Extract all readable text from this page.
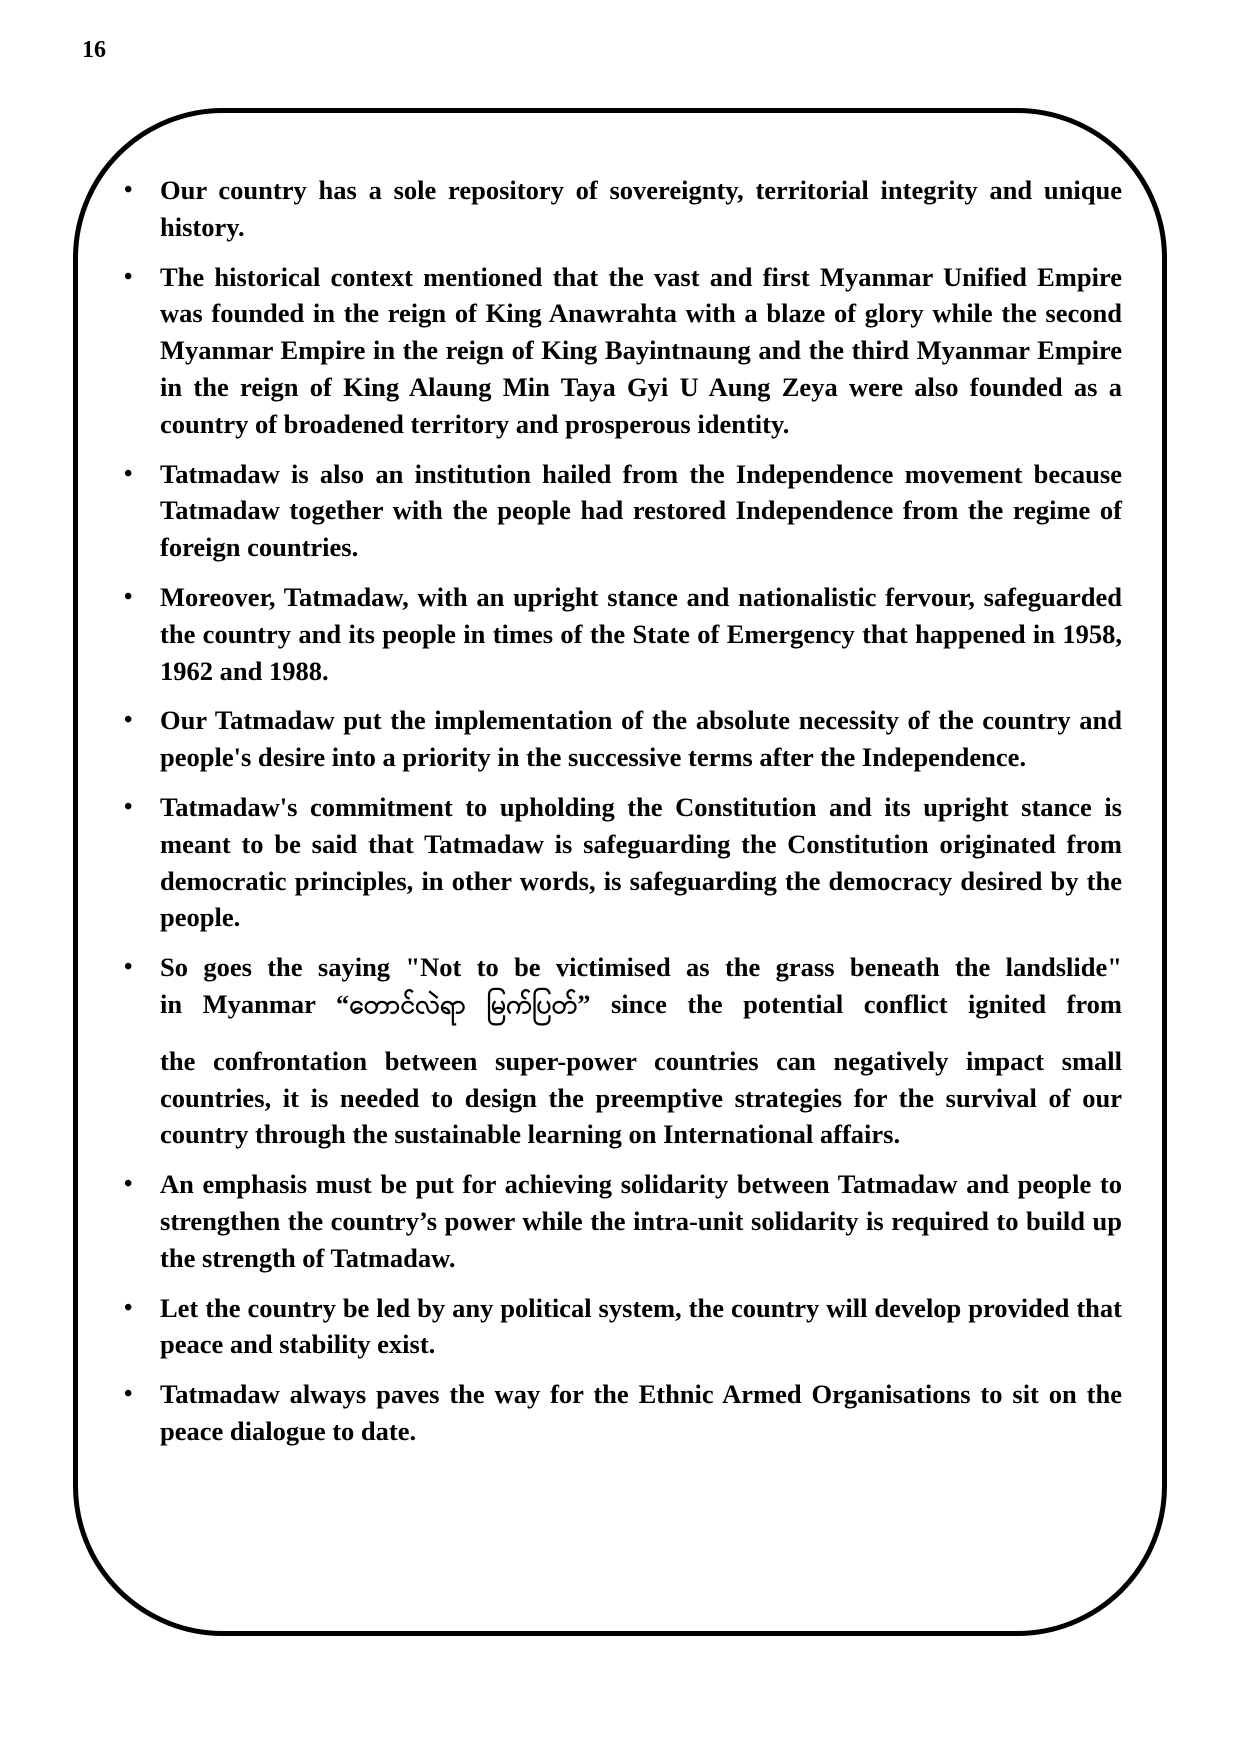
16
• Our country has a sole repository of sovereignty, territorial integrity and unique history.
• The historical context mentioned that the vast and first Myanmar Unified Empire was founded in the reign of King Anawrahta with a blaze of glory while the second Myanmar Empire in the reign of King Bayintnaung and the third Myanmar Empire in the reign of King Alaung Min Taya Gyi U Aung Zeya were also founded as a country of broadened territory and prosperous identity.
• Tatmadaw is also an institution hailed from the Independence movement because Tatmadaw together with the people had restored Independence from the regime of foreign countries.
• Moreover, Tatmadaw, with an upright stance and nationalistic fervour, safeguarded the country and its people in times of the State of Emergency that happened in 1958, 1962 and 1988.
• Our Tatmadaw put the implementation of the absolute necessity of the country and people's desire into a priority in the successive terms after the Independence.
• Tatmadaw's commitment to upholding the Constitution and its upright stance is meant to be said that Tatmadaw is safeguarding the Constitution originated from democratic principles, in other words, is safeguarding the democracy desired by the people.
• So goes the saying "Not to be victimised as the grass beneath the landslide"
in Myanmar “တောင်လဲရာ မြက်ပြတ်” since the potential conflict ignited from
the confrontation between super-power countries can negatively impact small countries, it is needed to design the preemptive strategies for the survival of our country through the sustainable learning on International affairs.
• An emphasis must be put for achieving solidarity between Tatmadaw and people to strengthen the country’s power while the intra-unit solidarity is required to build up the strength of Tatmadaw.
• Let the country be led by any political system, the country will develop provided that peace and stability exist.
• Tatmadaw always paves the way for the Ethnic Armed Organisations to sit on the peace dialogue to date.
